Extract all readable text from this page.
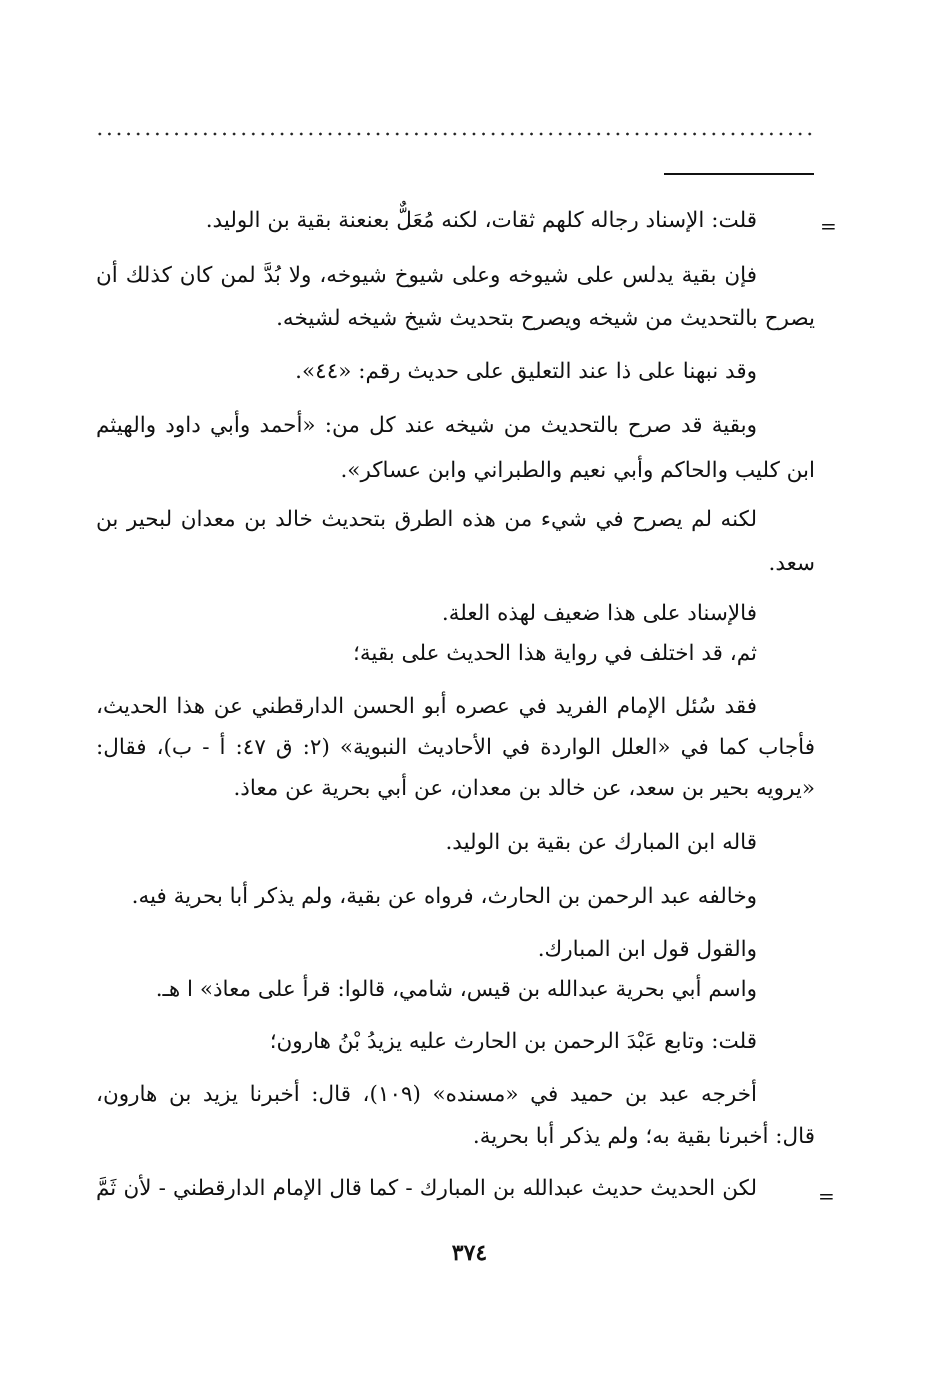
=
=
قلت: الإسناد رجاله كلهم ثقات، لكنه مُعَلٌّ بعنعنة بقية بن الوليد.
فإن بقية يدلس على شيوخه وعلى شيوخ شيوخه، ولا بُدَّ لمن كان كذلك أن
يصرح بالتحديث من شيخه ويصرح بتحديث شيخ شيخه لشيخه.
وقد نبهنا على ذا عند التعليق على حديث رقم: «٤٤».
وبقية قد صرح بالتحديث من شيخه عند كل من: «أحمد وأبي داود والهيثم
ابن كليب والحاكم وأبي نعيم والطبراني وابن عساكر».
لكنه لم يصرح في شيء من هذه الطرق بتحديث خالد بن معدان لبحير بن
سعد.
فالإسناد على هذا ضعيف لهذه العلة.
ثم، قد اختلف في رواية هذا الحديث على بقية؛
فقد سُئل الإمام الفريد في عصره أبو الحسن الدارقطني عن هذا الحديث،
فأجاب كما في «العلل الواردة في الأحاديث النبوية» (٢: ق ٤٧: أ - ب)، فقال:
«يرويه بحير بن سعد، عن خالد بن معدان، عن أبي بحرية عن معاذ.
قاله ابن المبارك عن بقية بن الوليد.
وخالفه عبد الرحمن بن الحارث، فرواه عن بقية، ولم يذكر أبا بحرية فيه.
والقول قول ابن المبارك.
واسم أبي بحرية عبدالله بن قيس، شامي، قالوا: قرأ على معاذ» ا هـ.
قلت: وتابع عَبْدَ الرحمن بن الحارث عليه يزيدُ بْنُ هارون؛
أخرجه عبد بن حميد في «مسنده» (١٠٩)، قال: أخبرنا يزيد بن هارون،
قال: أخبرنا بقية به؛ ولم يذكر أبا بحرية.
لكن الحديث حديث عبدالله بن المبارك - كما قال الإمام الدارقطني - لأن ثَمَّ
٣٧٤
